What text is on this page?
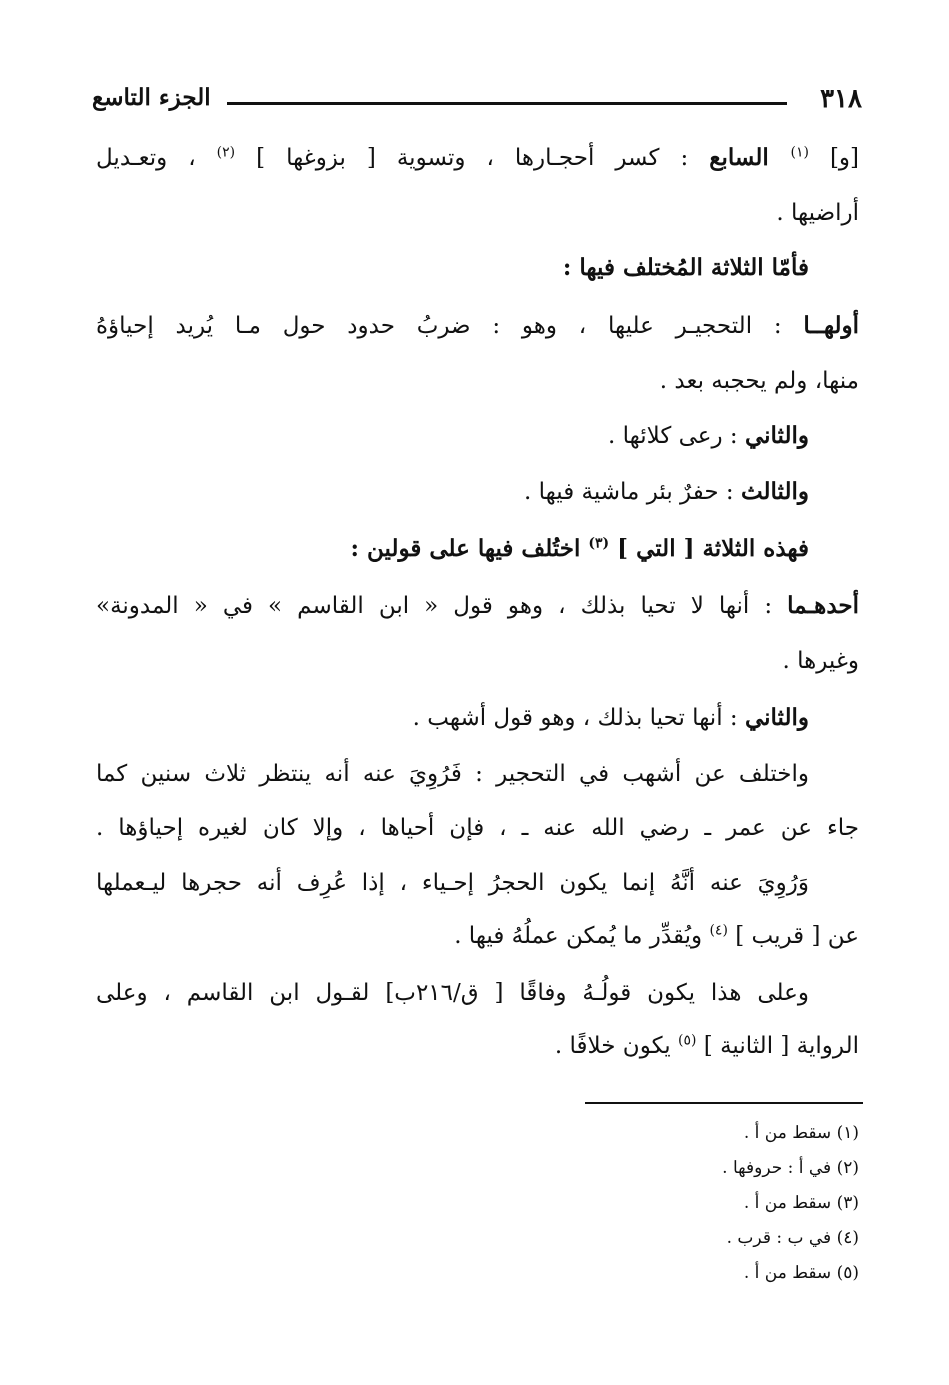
٣١٨
الجزء التاسع
[و] $^{(١)}$ السابع : كسر أحجـارها ، وتسوية [ بزوغها ] $^{(٢)}$ ، وتعـديل
أراضيها .
فأمّا الثلاثة المُختلف فيها :
أولهــا : التحجيـر عليها ، وهو : ضربُ حدود حول مـا يُريد إحياؤهُ
منها، ولم يحجبه بعد .
والثاني : رعى كلائها .
والثالث : حفرٌ بئر ماشية فيها .
فهذه الثلاثة [ التي ] $^{(٣)}$ اختُلف فيها على قولين :
أحدهـما : أنها لا تحيا بذلك ، وهو قول « ابن القاسم » في « المدونة»
وغيرها .
والثاني : أنها تحيا بذلك ، وهو قول أشهب .
واختلف عن أشهب في التحجير : فَرُوِيَ عنه أنه ينتظر ثلاث سنين كما
جاء عن عمر ـ رضي الله عنه ـ ، فإن أحياها ، وإلا كان لغيره إحياؤها .
وَرُوِيَ عنه أنَّهُ إنما يكون الحجرُ إحـياء ، إذا عُرِف أنه حجرها ليـعملها
عن [ قريب ] $^{(٤)}$ ويُقدِّر ما يُمكن عملُهُ فيها .
وعلى هذا يكون قولُـهُ وفاقًا [ ق/٢١٦ب] لقـول ابن القاسم ، وعلى
الرواية [ الثانية ] $^{(٥)}$ يكون خلافًا .
(١) سقط من أ .
(٢) في أ : حروفها .
(٣) سقط من أ .
(٤) في ب : قرب .
(٥) سقط من أ .
